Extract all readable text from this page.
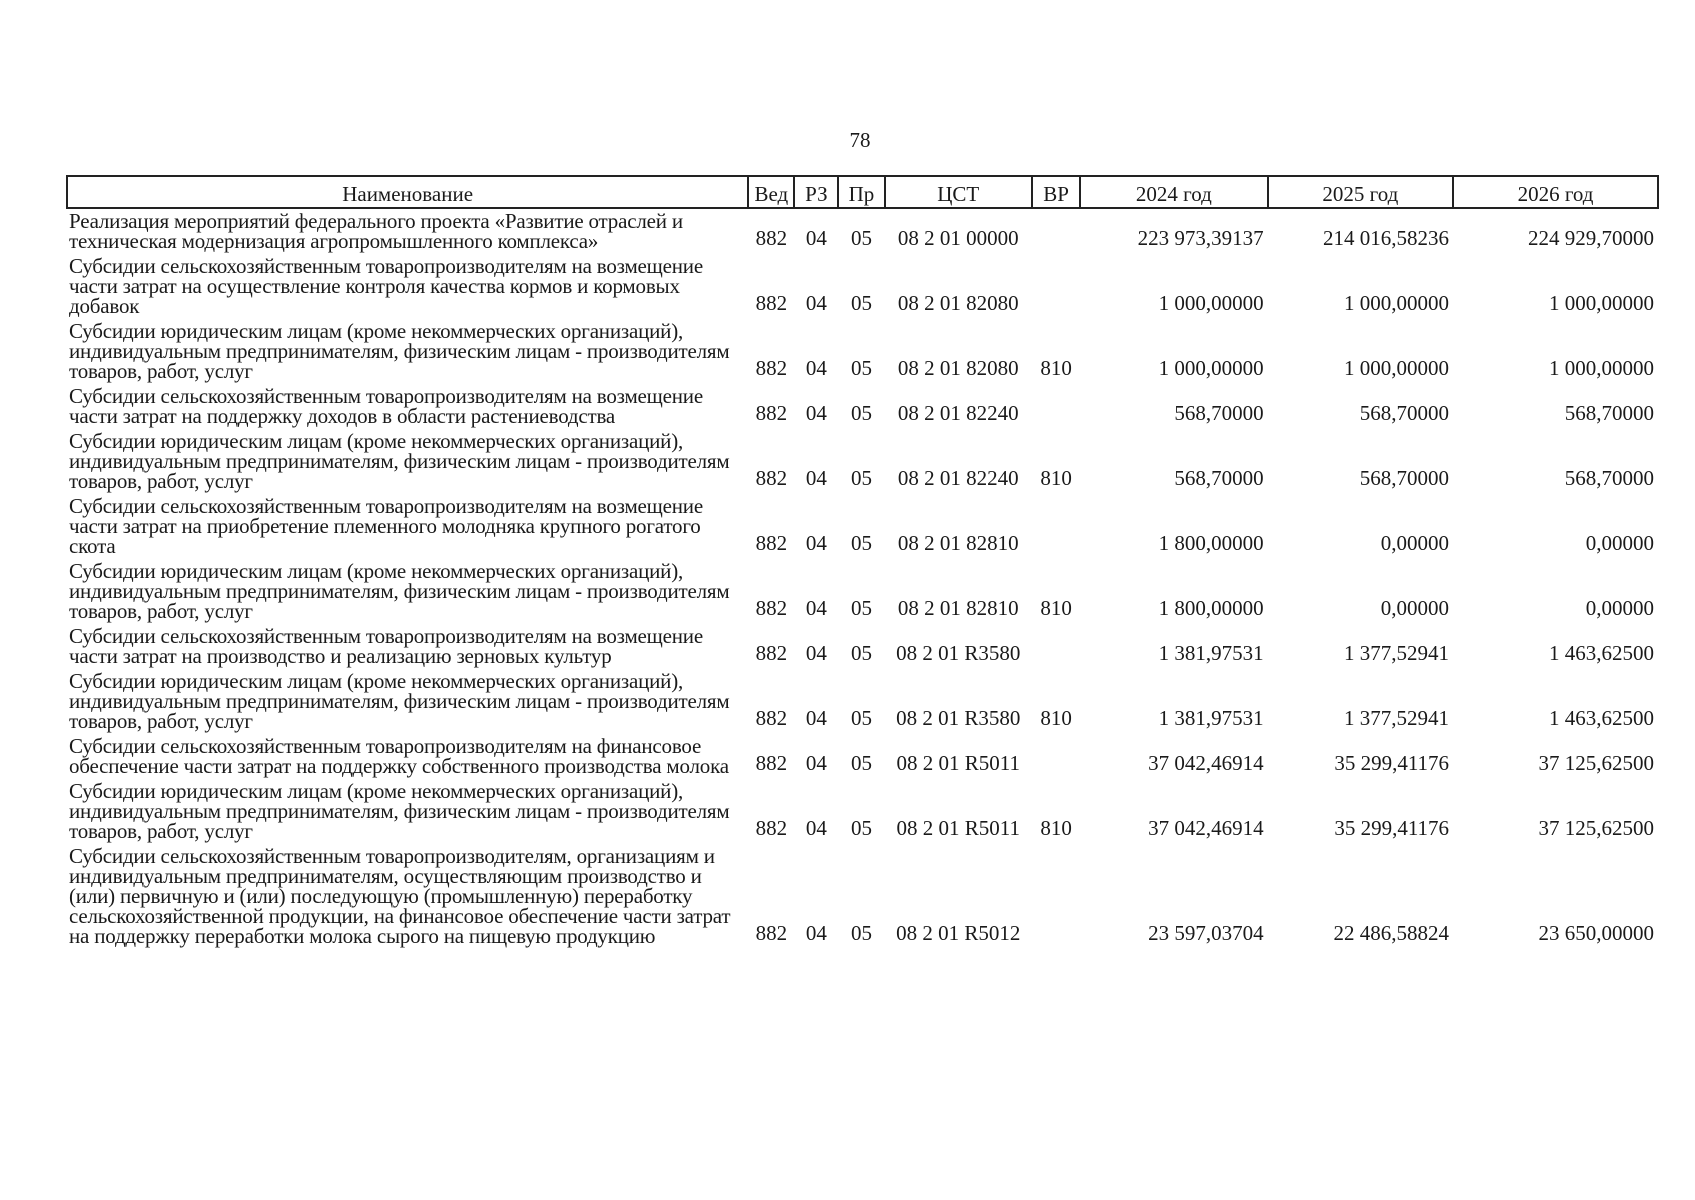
78
Наименование	Вед	РЗ	Пр	ЦСТ	ВР	2024 год	2025 год	2026 год
Реализация мероприятий федерального проекта «Развитие отраслей и техническая модернизация агропромышленного комплекса»	882	04	05	08 2 01 00000		223 973,39137	214 016,58236	224 929,70000
Субсидии сельскохозяйственным товаропроизводителям на возмещение части затрат на осуществление контроля качества кормов и кормовых добавок	882	04	05	08 2 01 82080		1 000,00000	1 000,00000	1 000,00000
Субсидии юридическим лицам (кроме некоммерческих организаций), индивидуальным предпринимателям, физическим лицам - производителям товаров, работ, услуг	882	04	05	08 2 01 82080	810	1 000,00000	1 000,00000	1 000,00000
Субсидии сельскохозяйственным товаропроизводителям на возмещение части затрат на поддержку доходов в области растениеводства	882	04	05	08 2 01 82240		568,70000	568,70000	568,70000
Субсидии юридическим лицам (кроме некоммерческих организаций), индивидуальным предпринимателям, физическим лицам - производителям товаров, работ, услуг	882	04	05	08 2 01 82240	810	568,70000	568,70000	568,70000
Субсидии сельскохозяйственным товаропроизводителям на возмещение части затрат на приобретение племенного молодняка крупного рогатого скота	882	04	05	08 2 01 82810		1 800,00000	0,00000	0,00000
Субсидии юридическим лицам (кроме некоммерческих организаций), индивидуальным предпринимателям, физическим лицам - производителям товаров, работ, услуг	882	04	05	08 2 01 82810	810	1 800,00000	0,00000	0,00000
Субсидии сельскохозяйственным товаропроизводителям на возмещение части затрат на производство и реализацию зерновых культур	882	04	05	08 2 01 R3580		1 381,97531	1 377,52941	1 463,62500
Субсидии юридическим лицам (кроме некоммерческих организаций), индивидуальным предпринимателям, физическим лицам - производителям товаров, работ, услуг	882	04	05	08 2 01 R3580	810	1 381,97531	1 377,52941	1 463,62500
Субсидии сельскохозяйственным товаропроизводителям на финансовое обеспечение части затрат на поддержку собственного производства молока	882	04	05	08 2 01 R5011		37 042,46914	35 299,41176	37 125,62500
Субсидии юридическим лицам (кроме некоммерческих организаций), индивидуальным предпринимателям, физическим лицам - производителям товаров, работ, услуг	882	04	05	08 2 01 R5011	810	37 042,46914	35 299,41176	37 125,62500
Субсидии сельскохозяйственным товаропроизводителям, организациям и индивидуальным предпринимателям, осуществляющим производство и (или) первичную и (или) последующую (промышленную) переработку сельскохозяйственной продукции, на финансовое обеспечение части затрат на поддержку переработки молока сырого на пищевую продукцию	882	04	05	08 2 01 R5012		23 597,03704	22 486,58824	23 650,00000
